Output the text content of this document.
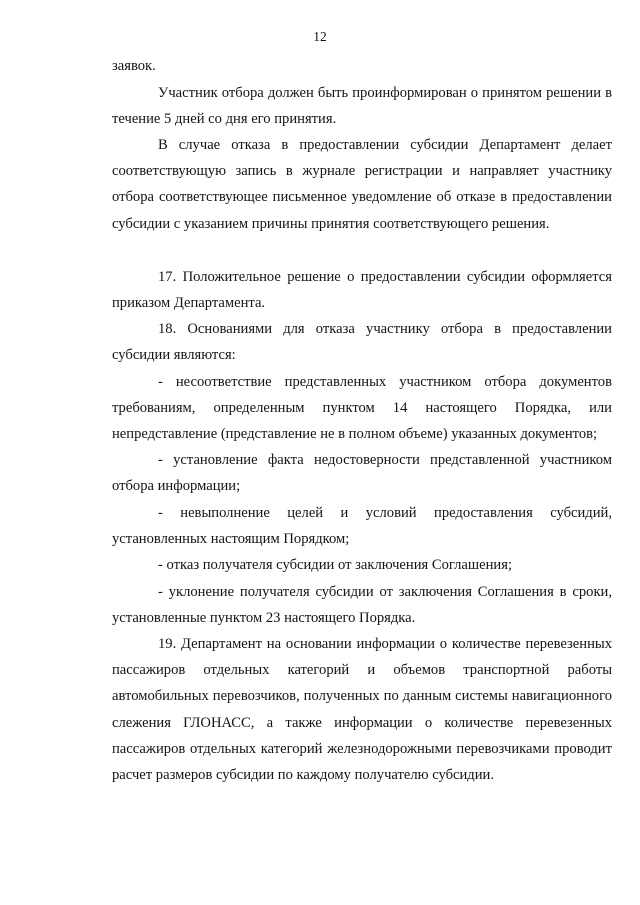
12

заявок.

Участник отбора должен быть проинформирован о принятом решении в течение 5 дней со дня его принятия.

В случае отказа в предоставлении субсидии Департамент делает соответствующую запись в журнале регистрации и направляет участнику отбора соответствующее письменное уведомление об отказе в предоставлении субсидии с указанием причины принятия соответствующего решения.

17. Положительное решение о предоставлении субсидии оформляется приказом Департамента.

18. Основаниями для отказа участнику отбора в предоставлении субсидии являются:

- несоответствие представленных участником отбора документов требованиям, определенным пунктом 14 настоящего Порядка, или непредставление (представление не в полном объеме) указанных документов;

- установление факта недостоверности представленной участником отбора информации;

- невыполнение целей и условий предоставления субсидий, установленных настоящим Порядком;

- отказ получателя субсидии от заключения Соглашения;

- уклонение получателя субсидии от заключения Соглашения в сроки, установленные пунктом 23 настоящего Порядка.

19. Департамент на основании информации о количестве перевезенных пассажиров отдельных категорий и объемов транспортной работы автомобильных перевозчиков, полученных по данным системы навигационного слежения ГЛОНАСС, а также информации о количестве перевезенных пассажиров отдельных категорий железнодорожными перевозчиками проводит расчет размеров субсидии по каждому получателю субсидии.
